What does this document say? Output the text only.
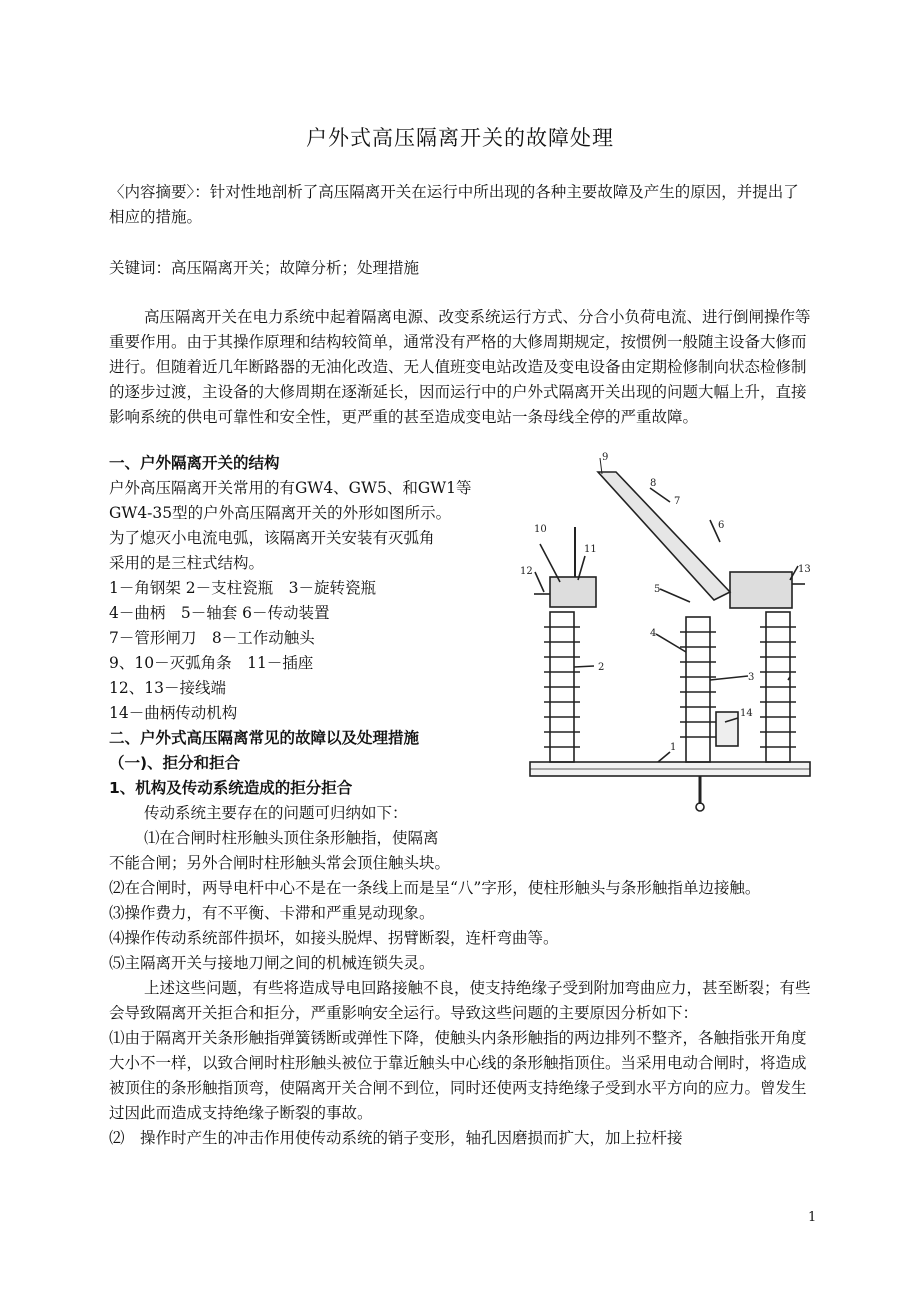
户外式高压隔离开关的故障处理
〈内容摘要〉：针对性地剖析了高压隔离开关在运行中所出现的各种主要故障及产生的原因，并提出了相应的措施。
关键词：高压隔离开关；故障分析；处理措施
高压隔离开关在电力系统中起着隔离电源、改变系统运行方式、分合小负荷电流、进行倒闸操作等重要作用。由于其操作原理和结构较简单，通常没有严格的大修周期规定，按惯例一般随主设备大修而进行。但随着近几年断路器的无油化改造、无人值班变电站改造及变电设备由定期检修制向状态检修制的逐步过渡，主设备的大修周期在逐渐延长，因而运行中的户外式隔离开关出现的问题大幅上升，直接影响系统的供电可靠性和安全性，更严重的甚至造成变电站一条母线全停的严重故障。

一、户外隔离开关的结构

户外高压隔离开关常用的有GW4、GW5、和GW1等

GW4-35型的户外高压隔离开关的外形如图所示。

为了熄灭小电流电弧，该隔离开关安装有灭弧角

采用的是三柱式结构。

1－角钢架 2－支柱瓷瓶　3－旋转瓷瓶

4－曲柄　5－轴套 6－传动装置

7－管形闸刀　8－工作动触头

9、10－灭弧角条　11－插座

12、13－接线端

14－曲柄传动机构

二、户外式高压隔离常见的故障以及处理措施

（一)、拒分和拒合

1、机构及传动系统造成的拒分拒合

传动系统主要存在的问题可归纳如下：

⑴在合闸时柱形触头顶住条形触指，使隔离

不能合闸；另外合闸时柱形触头常会顶住触头块。

⑵在合闸时，两导电杆中心不是在一条线上而是呈“八”字形，使柱形触头与条形触指单边接触。

⑶操作费力，有不平衡、卡滞和严重晃动现象。

⑷操作传动系统部件损坏，如接头脱焊、拐臂断裂，连杆弯曲等。

⑸主隔离开关与接地刀闸之间的机械连锁失灵。

上述这些问题，有些将造成导电回路接触不良，使支持绝缘子受到附加弯曲应力，甚至断裂；有些会导致隔离开关拒合和拒分，严重影响安全运行。导致这些问题的主要原因分析如下：

⑴由于隔离开关条形触指弹簧锈断或弹性下降，使触头内条形触指的两边排列不整齐，各触指张开角度大小不一样，以致合闸时柱形触头被位于靠近触头中心线的条形触指顶住。当采用电动合闸时，将造成被顶住的条形触指顶弯，使隔离开关合闸不到位，同时还使两支持绝缘子受到水平方向的应力。曾发生过因此而造成支持绝缘子断裂的事故。

⑵　操作时产生的冲击作用使传动系统的销子变形，轴孔因磨损而扩大，加上拉杆接

9
8
7
6
10
11
12	13
5
4
2
3
14
1
1
